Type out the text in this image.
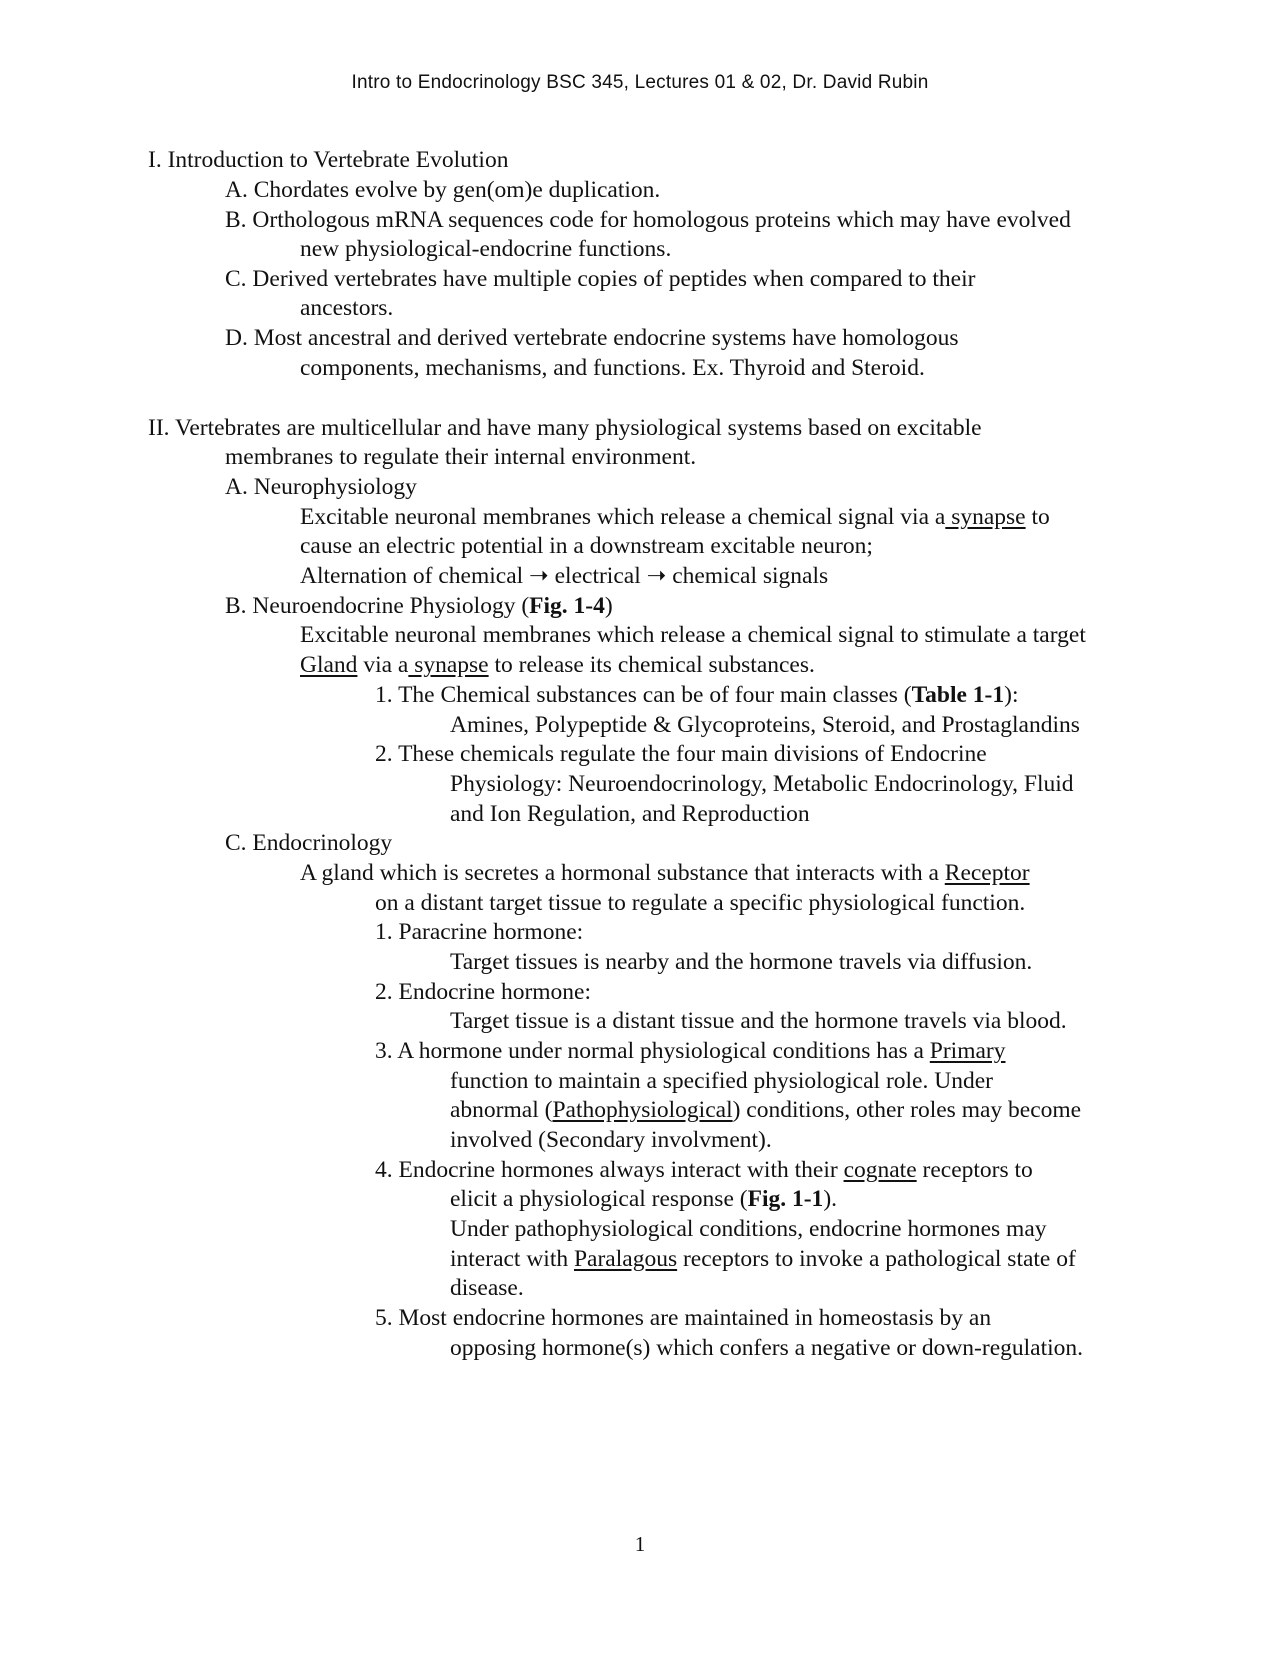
Intro to Endocrinology BSC 345, Lectures 01 & 02, Dr. David Rubin
I. Introduction to Vertebrate Evolution
A. Chordates evolve by gen(om)e duplication.
B. Orthologous mRNA sequences code for homologous proteins which may have evolved
new physiological-endocrine functions.
C. Derived vertebrates have multiple copies of peptides when compared to their
ancestors.
D. Most ancestral and derived vertebrate endocrine systems have homologous
components, mechanisms, and functions. Ex. Thyroid and Steroid.
II. Vertebrates are multicellular and have many physiological systems based on excitable
membranes to regulate their internal environment.
A. Neurophysiology
Excitable neuronal membranes which release a chemical signal via a synapse to
cause an electric potential in a downstream excitable neuron;
Alternation of chemical ➝ electrical ➝ chemical signals
B. Neuroendocrine Physiology (Fig. 1-4)
Excitable neuronal membranes which release a chemical signal to stimulate a target
Gland via a synapse to release its chemical substances.
1. The Chemical substances can be of four main classes (Table 1-1):
Amines, Polypeptide & Glycoproteins, Steroid, and Prostaglandins
2. These chemicals regulate the four main divisions of Endocrine
Physiology: Neuroendocrinology, Metabolic Endocrinology, Fluid
and Ion Regulation, and Reproduction
C. Endocrinology
A gland which is secretes a hormonal substance that interacts with a Receptor
on a distant target tissue to regulate a specific physiological function.
1. Paracrine hormone:
Target tissues is nearby and the hormone travels via diffusion.
2. Endocrine hormone:
Target tissue is a distant tissue and the hormone travels via blood.
3. A hormone under normal physiological conditions has a Primary
function to maintain a specified physiological role. Under
abnormal (Pathophysiological) conditions, other roles may become
involved (Secondary involvment).
4. Endocrine hormones always interact with their cognate receptors to
elicit a physiological response (Fig. 1-1).
Under pathophysiological conditions, endocrine hormones may
interact with Paralagous receptors to invoke a pathological state of
disease.
5. Most endocrine hormones are maintained in homeostasis by an
opposing hormone(s) which confers a negative or down-regulation.
1
